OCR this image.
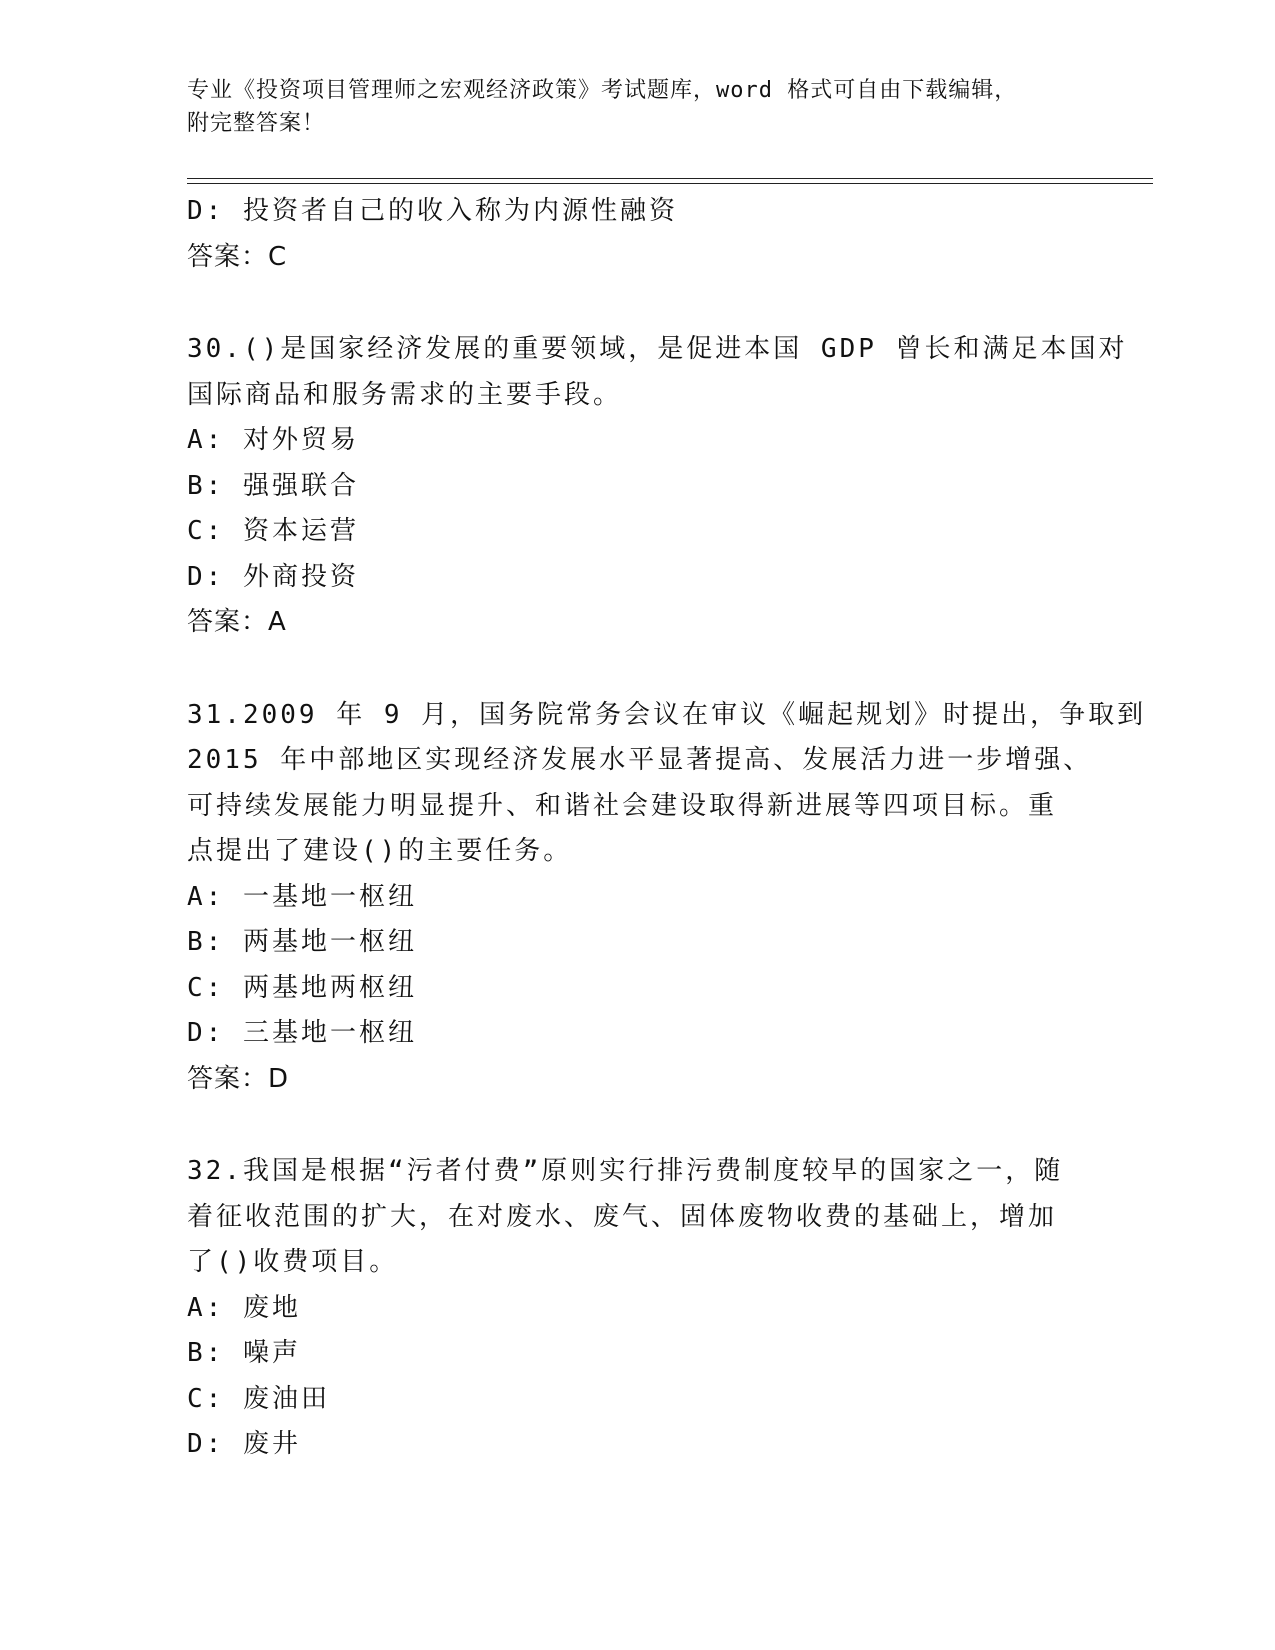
专业《投资项目管理师之宏观经济政策》考试题库，word 格式可自由下载编辑，
附完整答案！
D: 投资者自己的收入称为内源性融资
答案：C
30.()是国家经济发展的重要领域，是促进本国 GDP 曾长和满足本国对
国际商品和服务需求的主要手段。
A: 对外贸易
B: 强强联合
C: 资本运营
D: 外商投资
答案：A
31.2009 年 9 月，国务院常务会议在审议《崛起规划》时提出，争取到
2015 年中部地区实现经济发展水平显著提高、发展活力进一步增强、
可持续发展能力明显提升、和谐社会建设取得新进展等四项目标。重
点提出了建设()的主要任务。
A: 一基地一枢纽
B: 两基地一枢纽
C: 两基地两枢纽
D: 三基地一枢纽
答案：D
32.我国是根据“污者付费”原则实行排污费制度较早的国家之一，随
着征收范围的扩大，在对废水、废气、固体废物收费的基础上，增加
了()收费项目。
A: 废地
B: 噪声
C: 废油田
D: 废井
